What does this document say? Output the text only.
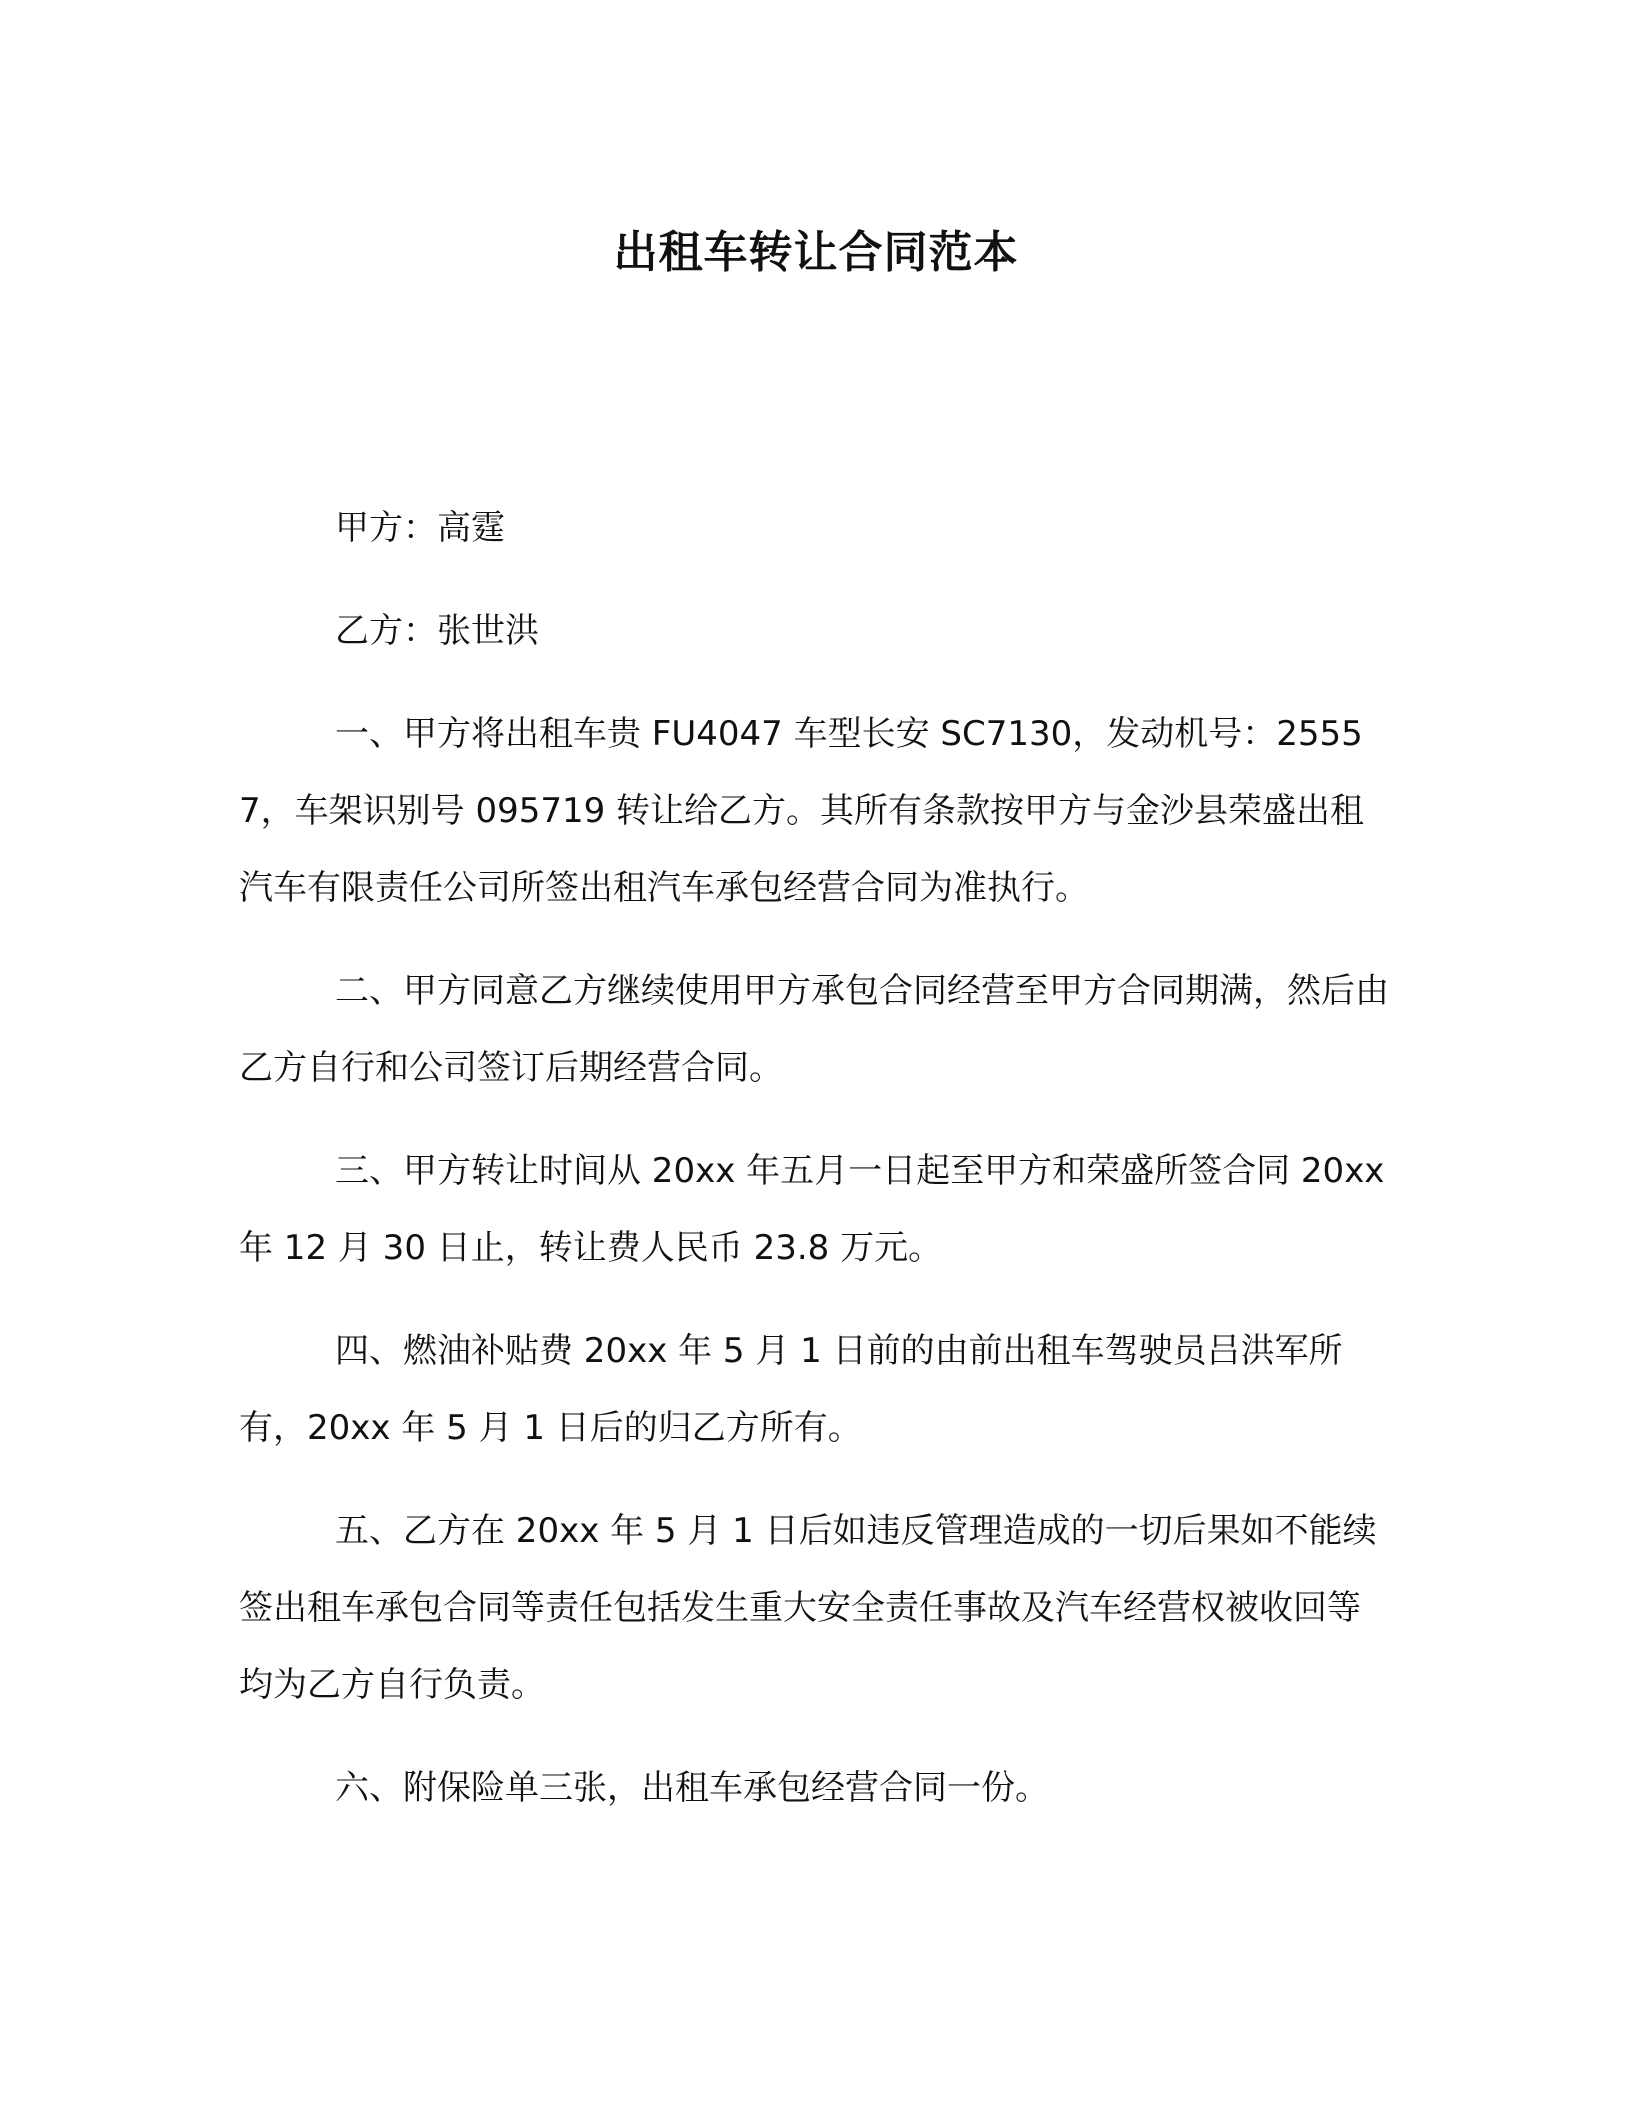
出租车转让合同范本
甲方：高霆
乙方：张世洪
一、甲方将出租车贵 FU4047 车型长安 SC7130，发动机号：25557，车架识别号 095719 转让给乙方。其所有条款按甲方与金沙县荣盛出租汽车有限责任公司所签出租汽车承包经营合同为准执行。
二、甲方同意乙方继续使用甲方承包合同经营至甲方合同期满，然后由乙方自行和公司签订后期经营合同。
三、甲方转让时间从 20xx 年五月一日起至甲方和荣盛所签合同 20xx 年 12 月 30 日止，转让费人民币 23.8 万元。
四、燃油补贴费 20xx 年 5 月 1 日前的由前出租车驾驶员吕洪军所有，20xx 年 5 月 1 日后的归乙方所有。
五、乙方在 20xx 年 5 月 1 日后如违反管理造成的一切后果如不能续签出租车承包合同等责任包括发生重大安全责任事故及汽车经营权被收回等均为乙方自行负责。
六、附保险单三张，出租车承包经营合同一份。
